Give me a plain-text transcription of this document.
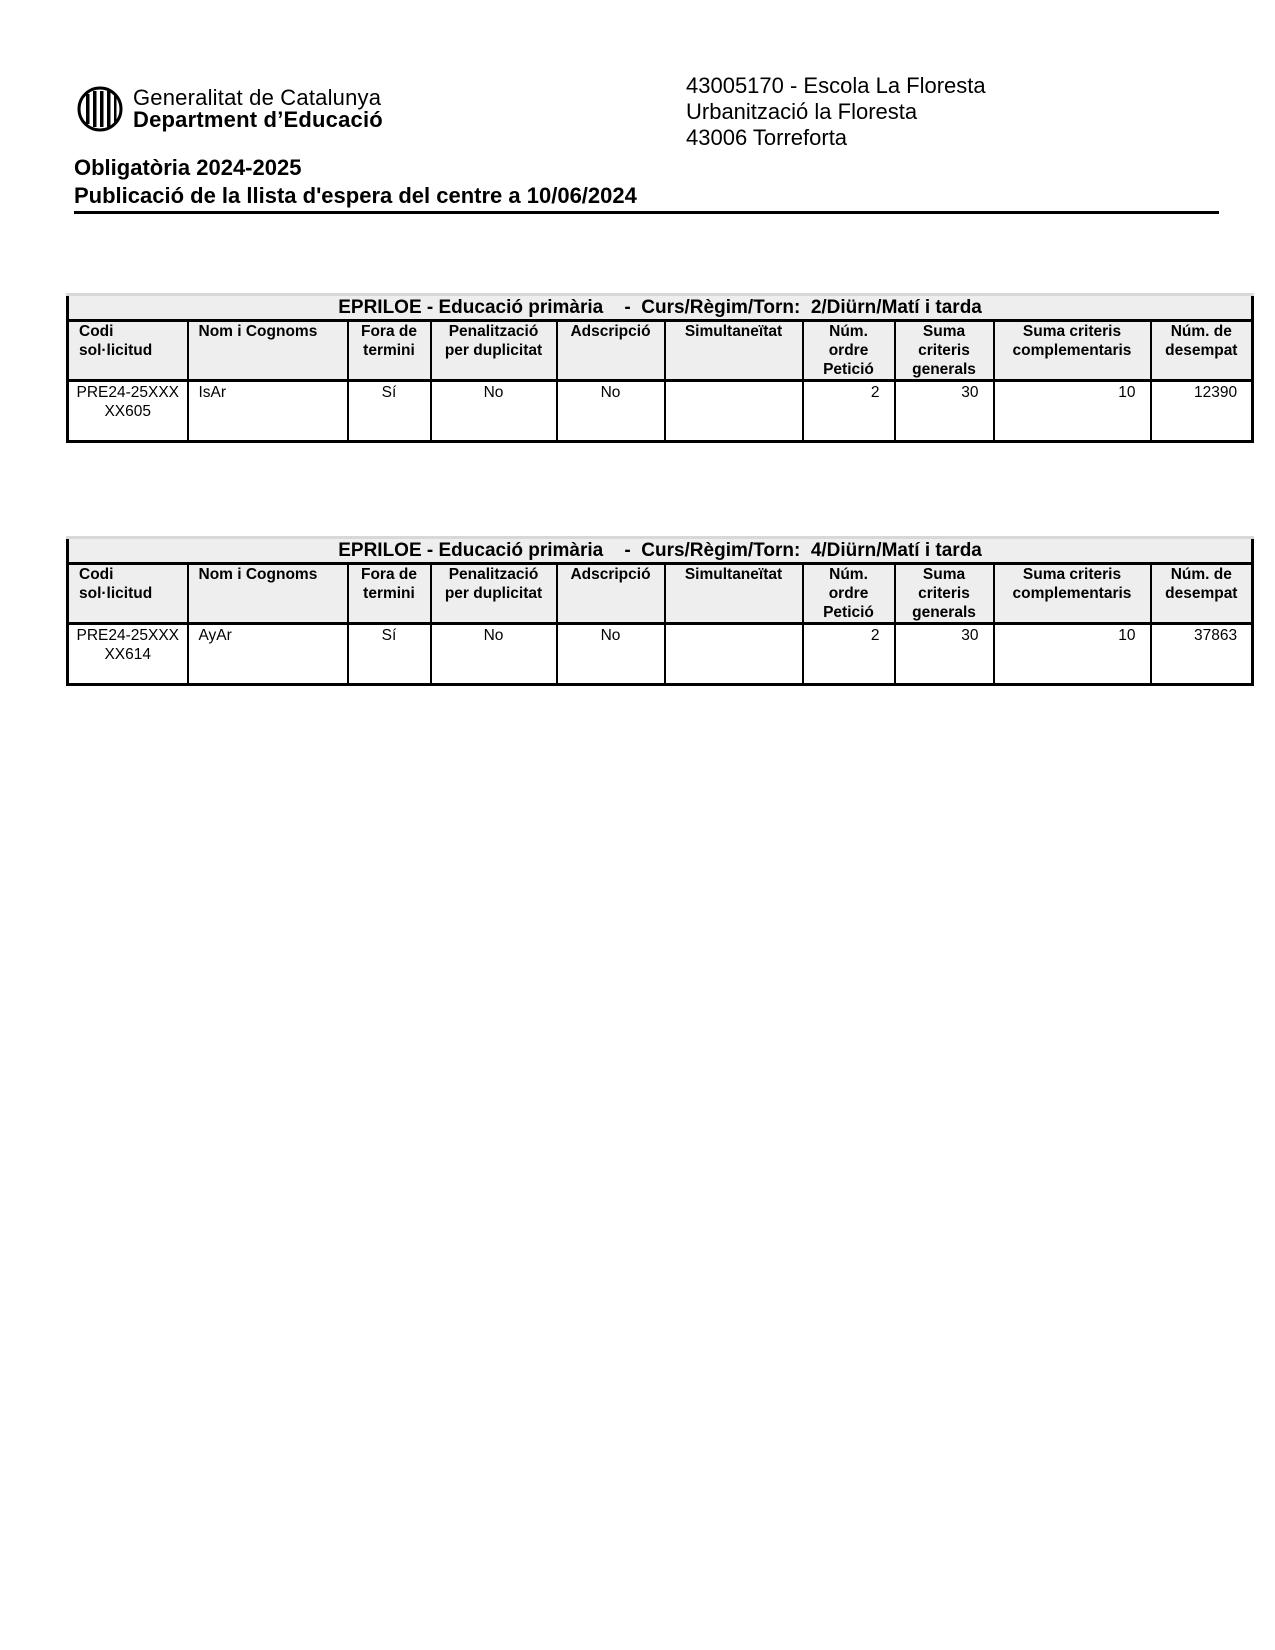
Generalitat de Catalunya
Department d’Educació
43005170 - Escola La Floresta
Urbanització la Floresta
43006 Torreforta
Obligatòria 2024-2025
Publicació de la llista d'espera del centre a 10/06/2024
EPRILOE - Educació primària    -  Curs/Règim/Torn:  2/Diürn/Matí i tarda									
Codi sol·licitud	Nom i Cognoms	Fora de termini	Penalització per duplicitat	Adscripció	Simultaneïtat	Núm. ordre Petició	Suma criteris generals	Suma criteris complementaris	Núm. de desempat
PRE24-25XXXXX605	IsAr	Sí	No	No		2	30	10	12390
EPRILOE - Educació primària    -  Curs/Règim/Torn:  4/Diürn/Matí i tarda									
Codi sol·licitud	Nom i Cognoms	Fora de termini	Penalització per duplicitat	Adscripció	Simultaneïtat	Núm. ordre Petició	Suma criteris generals	Suma criteris complementaris	Núm. de desempat
PRE24-25XXXXX614	AyAr	Sí	No	No		2	30	10	37863
